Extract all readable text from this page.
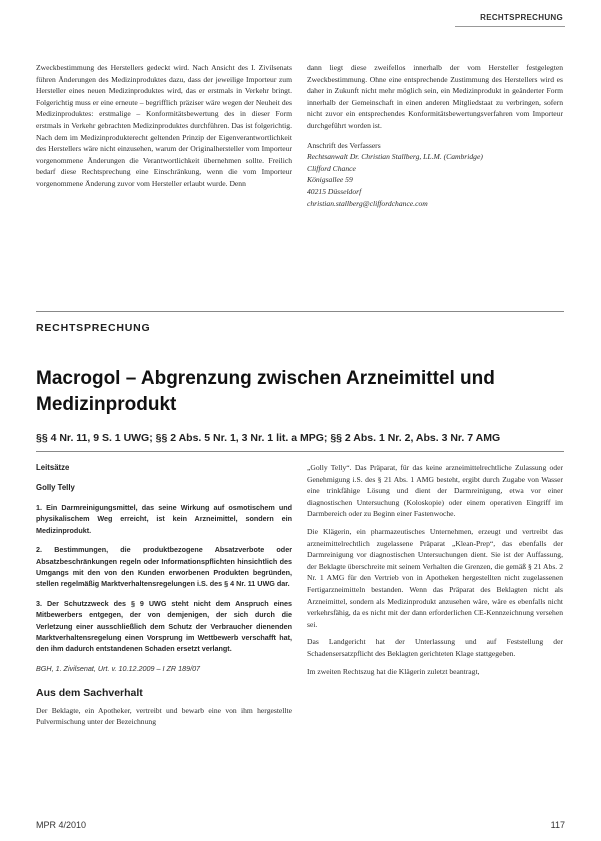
RECHTSPRECHUNG

Zweckbestimmung des Herstellers gedeckt wird. Nach Ansicht des I. Zivilsenats führen Änderungen des Medizinproduktes dazu, dass der jeweilige Importeur zum Hersteller eines neuen Medizinproduktes wird, das er erstmals in Verkehr bringt. Folgerichtig muss er eine erneute – begrifflich präziser wäre wegen der Neuheit des Medizinproduktes: erstmalige – Konformitätsbewertung des in dieser Form erstmals in Verkehr gebrachten Medizinproduktes durchführen. Das ist folgerichtig. Nach dem im Medizinprodukterecht geltenden Prinzip der Eigenverantwortlichkeit des Herstellers wäre nicht einzusehen, warum der Originalhersteller vom Importeur vorgenommene Änderungen die Verantwortlichkeit übernehmen sollte. Freilich bedarf diese Rechtsprechung eine Einschränkung, wenn die vom Importeur vorgenommene Änderung zuvor vom Hersteller erlaubt wurde. Denn

dann liegt diese zweifellos innerhalb der vom Hersteller festgelegten Zweckbestimmung. Ohne eine entsprechende Zustimmung des Herstellers wird es daher in Zukunft nicht mehr möglich sein, ein Medizinprodukt in geänderter Form innerhalb der Gemeinschaft in einen anderen Mitgliedstaat zu verbringen, sofern nicht zuvor ein entsprechendes Konformitätsbewertungsverfahren vom Importeur durchgeführt worden ist.

Anschrift des Verfassers
Rechtsanwalt Dr. Christian Stallberg, LL.M. (Cambridge)
Clifford Chance
Königsallee 59
40215 Düsseldorf
christian.stallberg@cliffordchance.com
RECHTSPRECHUNG
Macrogol – Abgrenzung zwischen Arzneimittel und Medizinprodukt
§§ 4 Nr. 11, 9 S. 1 UWG; §§ 2 Abs. 5 Nr. 1, 3 Nr. 1 lit. a MPG; §§ 2 Abs. 1 Nr. 2, Abs. 3 Nr. 7 AMG
Leitsätze
Golly Telly
1. Ein Darmreinigungsmittel, das seine Wirkung auf osmotischem und physikalischem Weg erreicht, ist kein Arzneimittel, sondern ein Medizinprodukt.
2. Bestimmungen, die produktbezogene Absatzverbote oder Absatzbeschränkungen regeln oder Informationspflichten hinsichtlich des Umgangs mit den von den Kunden erworbenen Produkten begründen, stellen regelmäßig Marktverhaltensregelungen i.S. des § 4 Nr. 11 UWG dar.
3. Der Schutzzweck des § 9 UWG steht nicht dem Anspruch eines Mitbewerbers entgegen, der von demjenigen, der sich durch die Verletzung einer ausschließlich dem Schutz der Verbraucher dienenden Marktverhaltensregelung einen Vorsprung im Wettbewerb verschafft hat, den ihm dadurch entstandenen Schaden ersetzt verlangt.
BGH, 1. Zivilsenat, Urt. v. 10.12.2009 – I ZR 189/07
Aus dem Sachverhalt
Der Beklagte, ein Apotheker, vertreibt und bewarb eine von ihm hergestellte Pulvermischung unter der Bezeichnung

„Golly Telly“. Das Präparat, für das keine arzneimittelrechtliche Zulassung oder Genehmigung i.S. des § 21 Abs. 1 AMG besteht, ergibt durch Zugabe von Wasser eine trinkfähige Lösung und dient der Darmreinigung, etwa vor einer diagnostischen Untersuchung (Koloskopie) oder einem operativen Eingriff im Darmbereich oder zu Beginn einer Fastenwoche.

Die Klägerin, ein pharmazeutisches Unternehmen, erzeugt und vertreibt das arzneimittelrechtlich zugelassene Präparat „Klean-Prep“, das ebenfalls der Darmreinigung vor diagnostischen Untersuchungen dient. Sie ist der Auffassung, der Beklagte überschreite mit seinem Verhalten die Grenzen, die gemäß § 21 Abs. 2 Nr. 1 AMG für den Vertrieb von in Apotheken hergestellten nicht zugelassenen Fertigarzneimitteln bestanden. Wenn das Präparat des Beklagten nicht als Arzneimittel, sondern als Medizinprodukt anzusehen wäre, wäre es ebenfalls nicht verkehrsfähig, da es nicht mit der dann erforderlichen CE-Kennzeichnung versehen sei.

Das Landgericht hat der Unterlassung und auf Feststellung der Schadensersatzpflicht des Beklagten gerichteten Klage stattgegeben.

Im zweiten Rechtszug hat die Klägerin zuletzt beantragt,

MPR 4/2010	117
